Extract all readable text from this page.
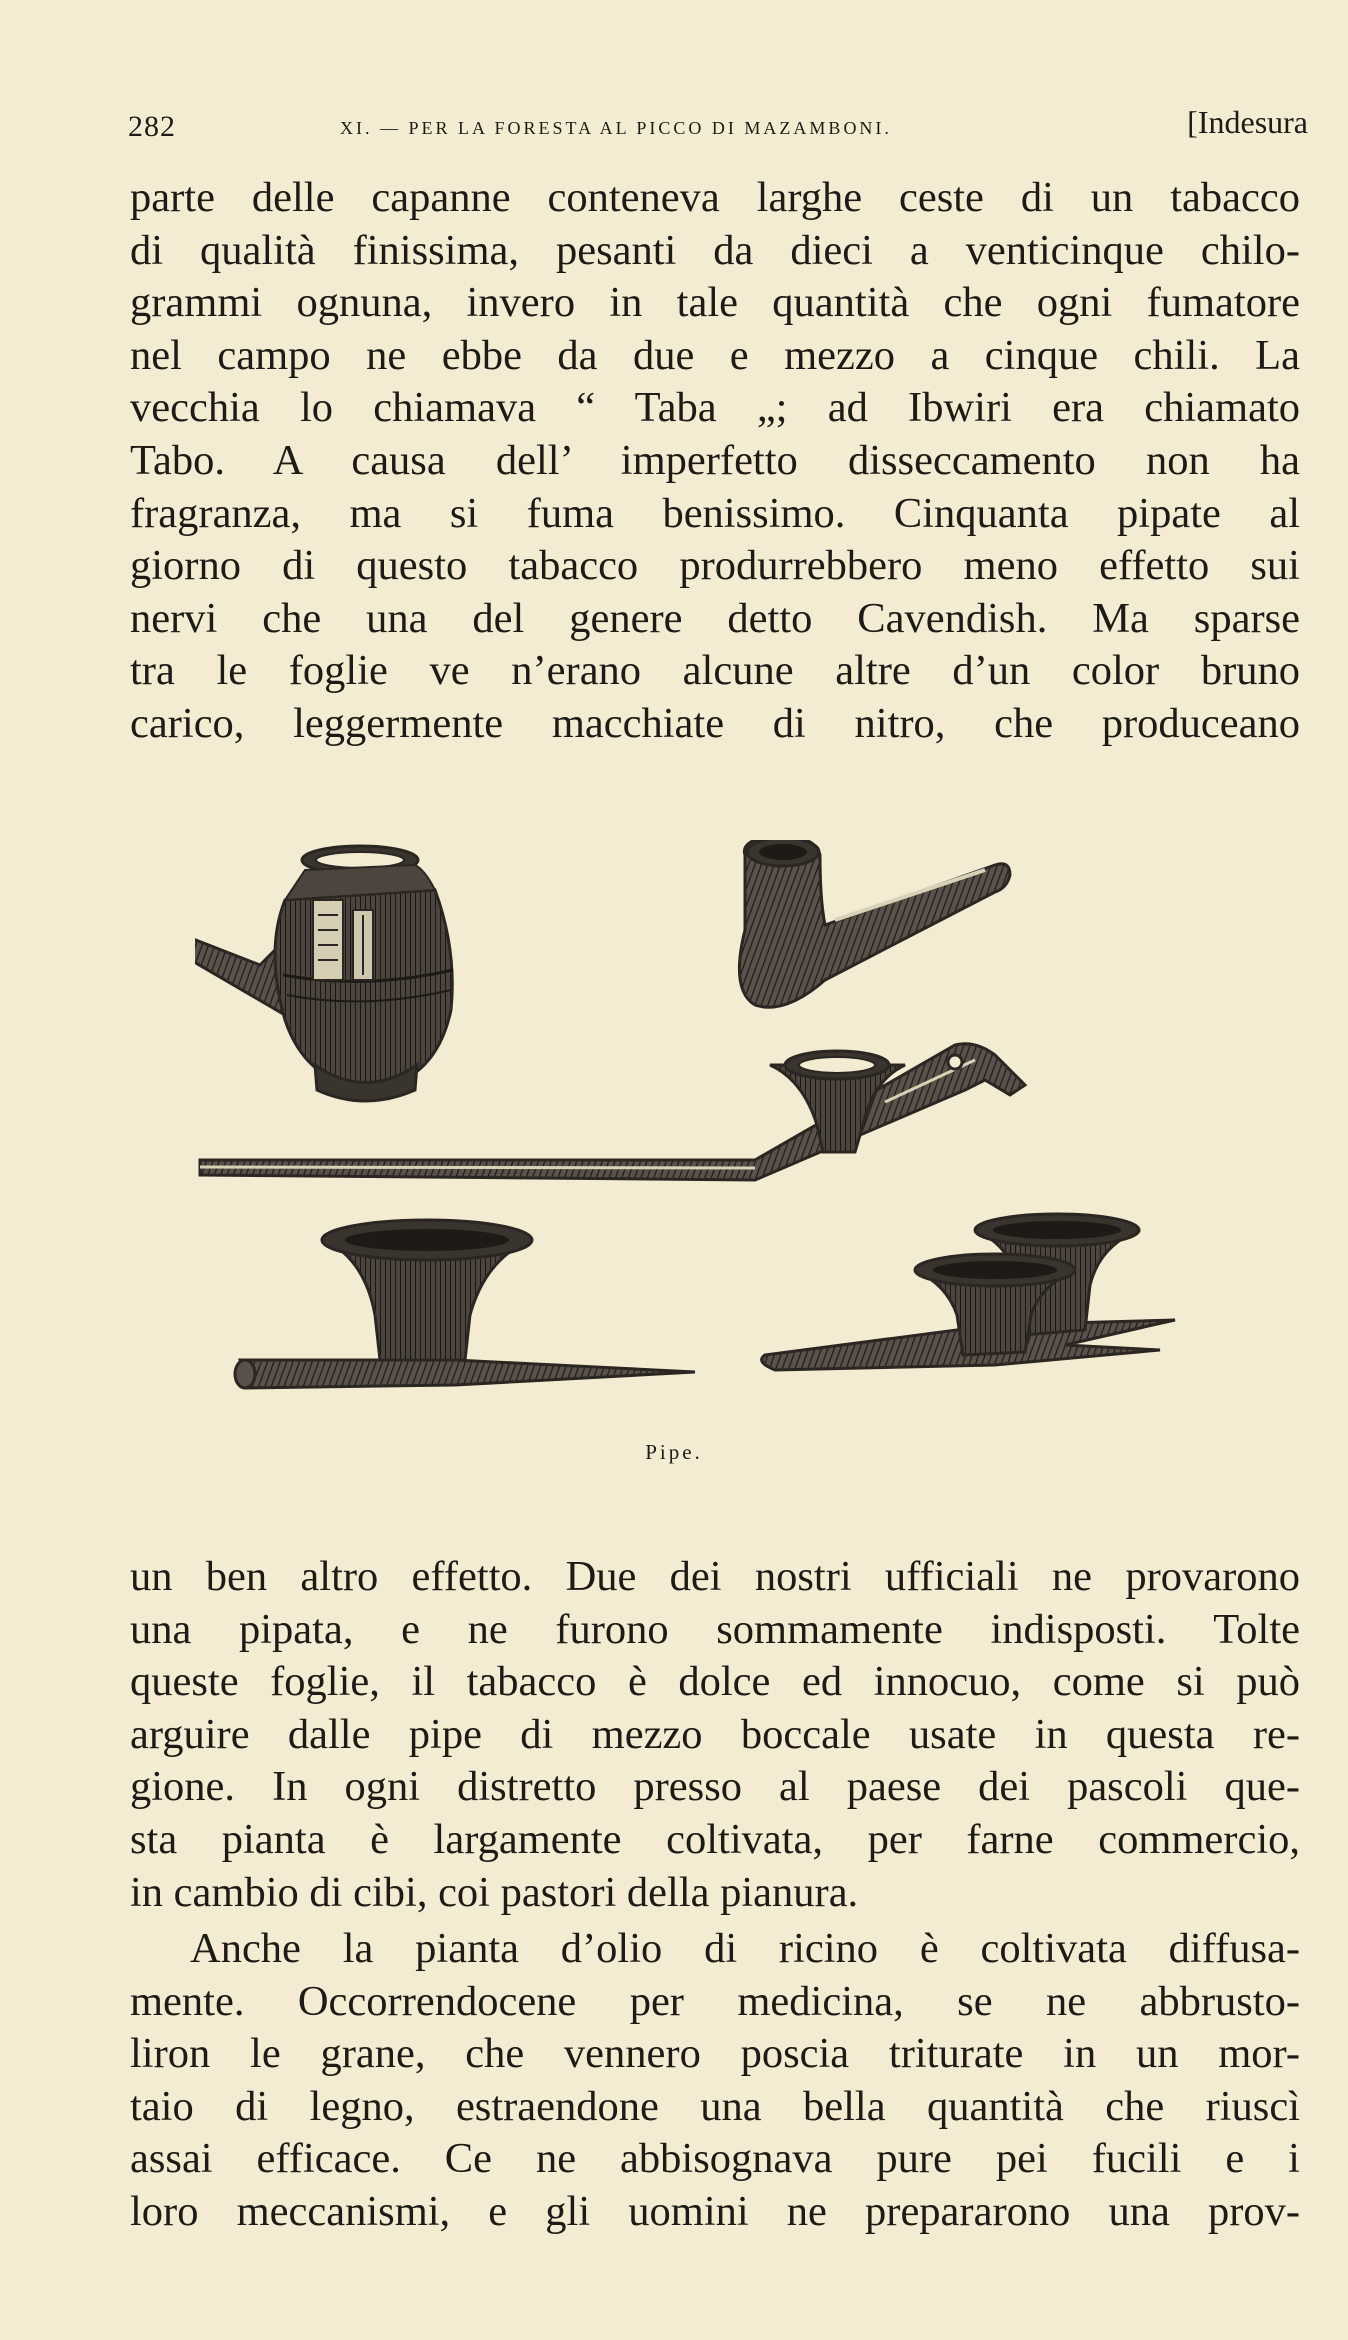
282	XI. — PER LA FORESTA AL PICCO DI MAZAMBONI.	[Indesura
parte delle capanne conteneva larghe ceste di un tabacco
di qualità finissima, pesanti da dieci a venticinque chilo-
grammi ognuna, invero in tale quantità che ogni fumatore
nel campo ne ebbe da due e mezzo a cinque chili. La
vecchia lo chiamava “ Taba „; ad Ibwiri era chiamato
Tabo. A causa dell’ imperfetto disseccamento non ha
fragranza, ma si fuma benissimo. Cinquanta pipate al
giorno di questo tabacco produrrebbero meno effetto sui
nervi che una del genere detto Cavendish. Ma sparse
tra le foglie ve n’erano alcune altre d’un color bruno
carico, leggermente macchiate di nitro, che produceano
Pipe.
un ben altro effetto. Due dei nostri ufficiali ne provarono
una pipata, e ne furono sommamente indisposti. Tolte
queste foglie, il tabacco è dolce ed innocuo, come si può
arguire dalle pipe di mezzo boccale usate in questa re-
gione. In ogni distretto presso al paese dei pascoli que-
sta pianta è largamente coltivata, per farne commercio,
in cambio di cibi, coi pastori della pianura.
Anche la pianta d’olio di ricino è coltivata diffusa-
mente. Occorrendocene per medicina, se ne abbrusto-
liron le grane, che vennero poscia triturate in un mor-
taio di legno, estraendone una bella quantità che riuscì
assai efficace. Ce ne abbisognava pure pei fucili e i
loro meccanismi, e gli uomini ne prepararono una prov-
